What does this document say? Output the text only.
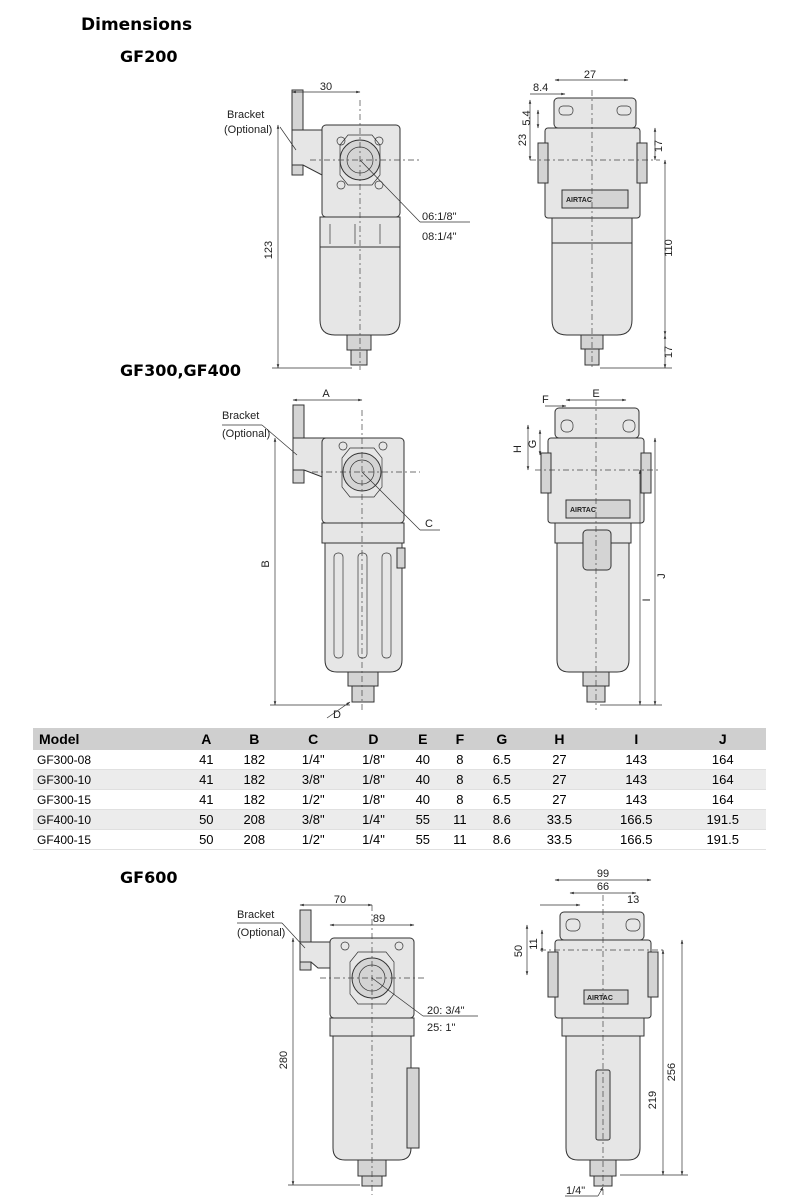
Dimensions
GF200
GF300,GF400
GF600
30
123
Bracket
(Optional)
06:1/8"
08:1/4"
AIRTAC
27
8.4
23
5.4
17
110
17
A
B
Bracket
(Optional)
C
D
AIRTAC
E
F
G
H
J
I
70
89
280
Bracket
(Optional)
20: 3/4"
25: 1"
AIRTAC
99
66
13
50
11
256
219
1/4"
Model	A	B	C	D	E	F	G	H	I	J
GF300-08	41	182	1/4"	1/8"	40	8	6.5	27	143	164
GF300-10	41	182	3/8"	1/8"	40	8	6.5	27	143	164
GF300-15	41	182	1/2"	1/8"	40	8	6.5	27	143	164
GF400-10	50	208	3/8"	1/4"	55	11	8.6	33.5	166.5	191.5
GF400-15	50	208	1/2"	1/4"	55	11	8.6	33.5	166.5	191.5
